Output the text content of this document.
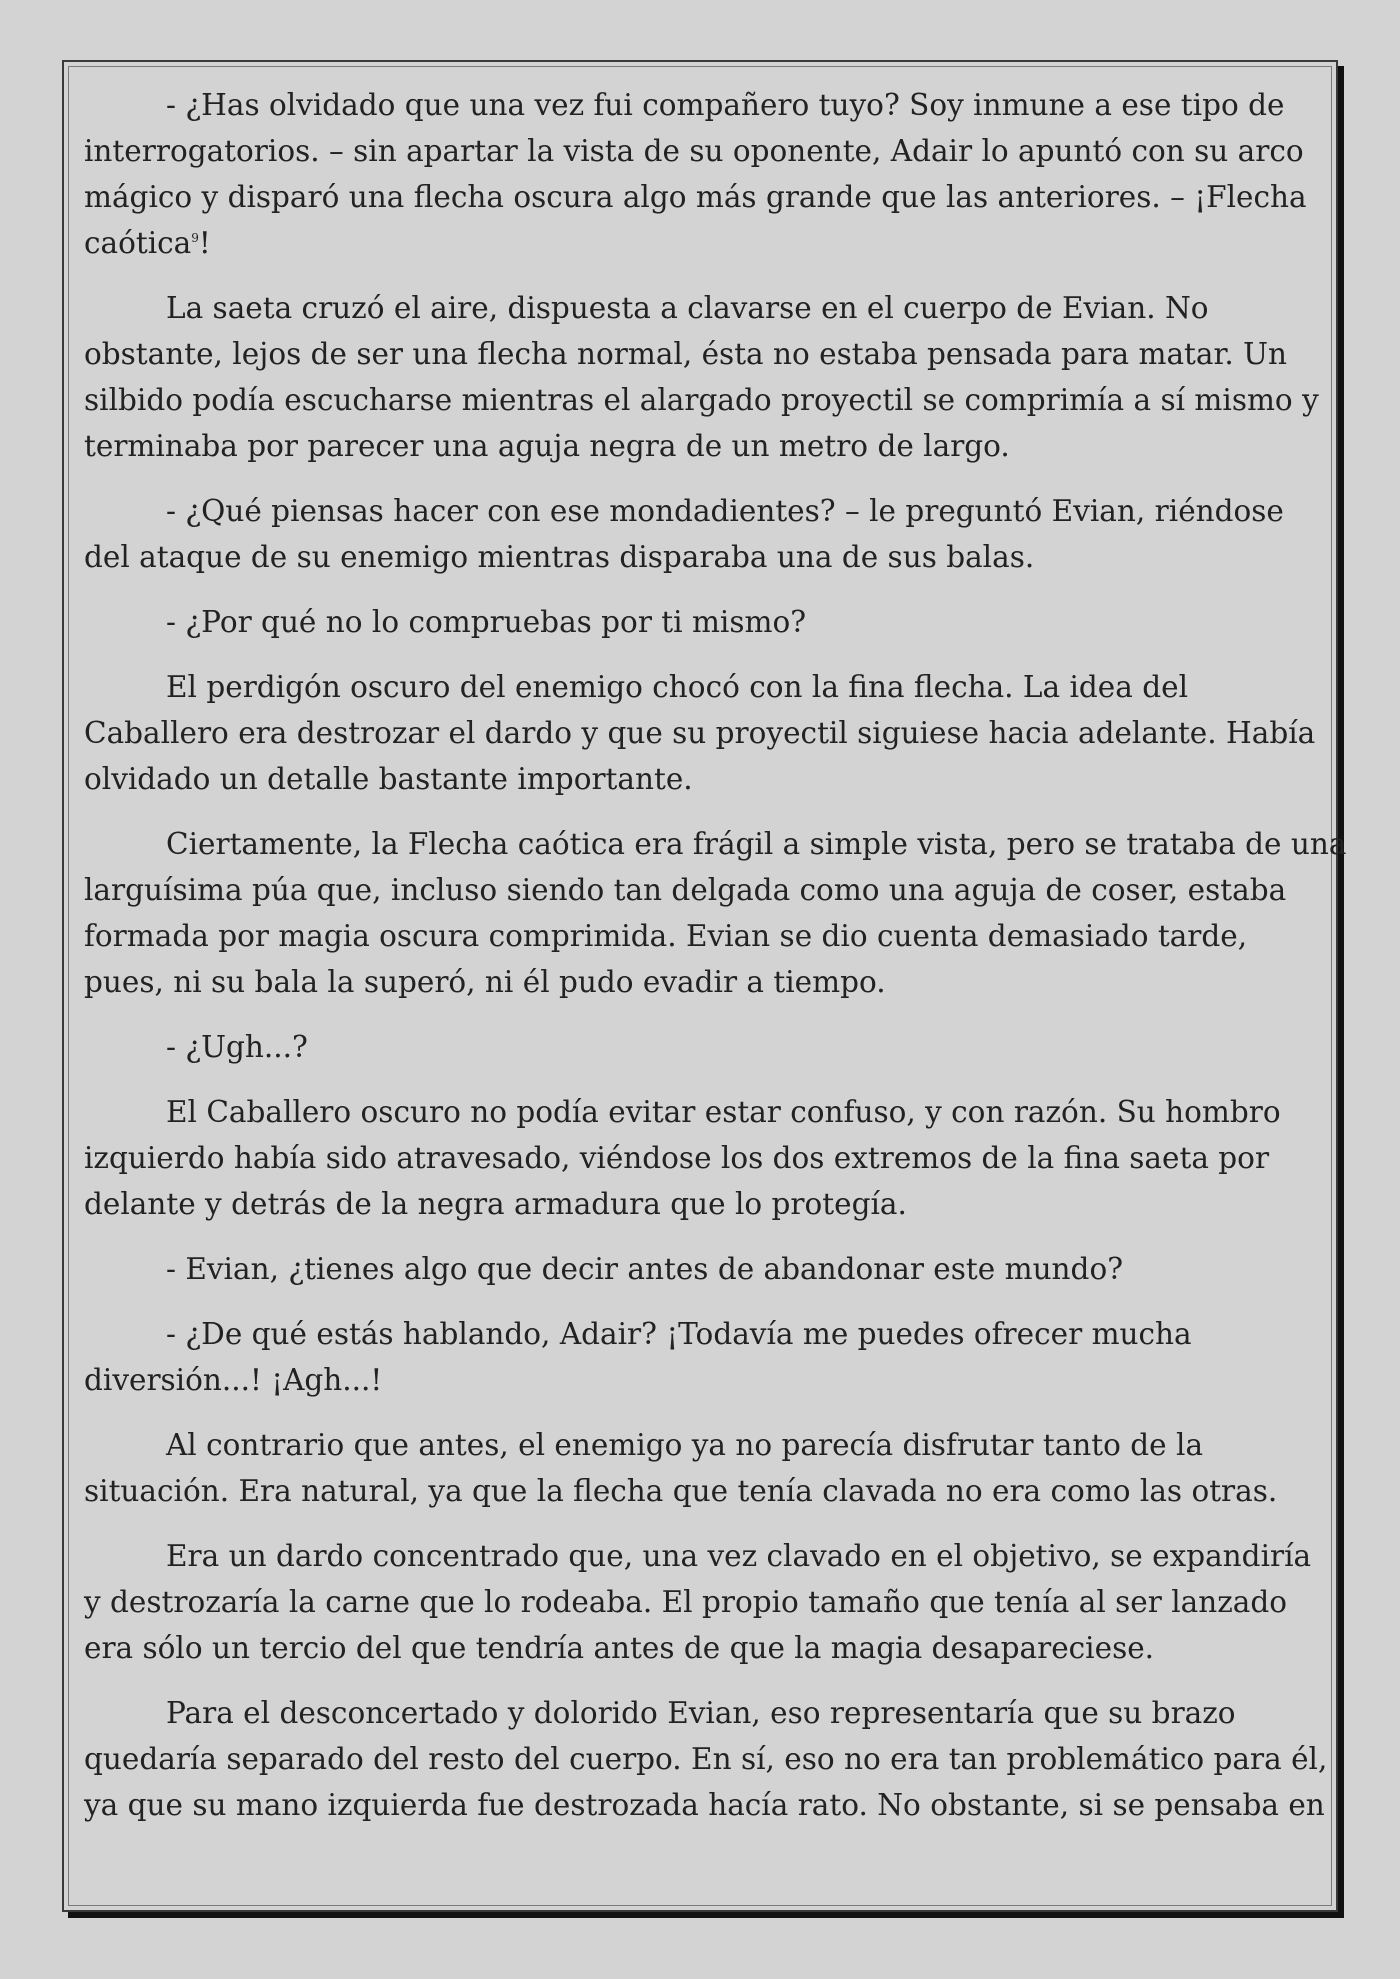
- ¿Has olvidado que una vez fui compañero tuyo? Soy inmune a ese tipo de
interrogatorios. – sin apartar la vista de su oponente, Adair lo apuntó con su arco
mágico y disparó una flecha oscura algo más grande que las anteriores. – ¡Flecha
caótica$^9$!

La saeta cruzó el aire, dispuesta a clavarse en el cuerpo de Evian. No
obstante, lejos de ser una flecha normal, ésta no estaba pensada para matar. Un
silbido podía escucharse mientras el alargado proyectil se comprimía a sí mismo y
terminaba por parecer una aguja negra de un metro de largo.

- ¿Qué piensas hacer con ese mondadientes? – le preguntó Evian, riéndose
del ataque de su enemigo mientras disparaba una de sus balas.

- ¿Por qué no lo compruebas por ti mismo?

El perdigón oscuro del enemigo chocó con la fina flecha. La idea del
Caballero era destrozar el dardo y que su proyectil siguiese hacia adelante. Había
olvidado un detalle bastante importante.

Ciertamente, la Flecha caótica era frágil a simple vista, pero se trataba de una
larguísima púa que, incluso siendo tan delgada como una aguja de coser, estaba
formada por magia oscura comprimida. Evian se dio cuenta demasiado tarde,
pues, ni su bala la superó, ni él pudo evadir a tiempo.

- ¿Ugh...?

El Caballero oscuro no podía evitar estar confuso, y con razón. Su hombro
izquierdo había sido atravesado, viéndose los dos extremos de la fina saeta por
delante y detrás de la negra armadura que lo protegía.

- Evian, ¿tienes algo que decir antes de abandonar este mundo?

- ¿De qué estás hablando, Adair? ¡Todavía me puedes ofrecer mucha
diversión...! ¡Agh...!

Al contrario que antes, el enemigo ya no parecía disfrutar tanto de la
situación. Era natural, ya que la flecha que tenía clavada no era como las otras.

Era un dardo concentrado que, una vez clavado en el objetivo, se expandiría
y destrozaría la carne que lo rodeaba. El propio tamaño que tenía al ser lanzado
era sólo un tercio del que tendría antes de que la magia desapareciese.

Para el desconcertado y dolorido Evian, eso representaría que su brazo
quedaría separado del resto del cuerpo. En sí, eso no era tan problemático para él,
ya que su mano izquierda fue destrozada hacía rato. No obstante, si se pensaba en
